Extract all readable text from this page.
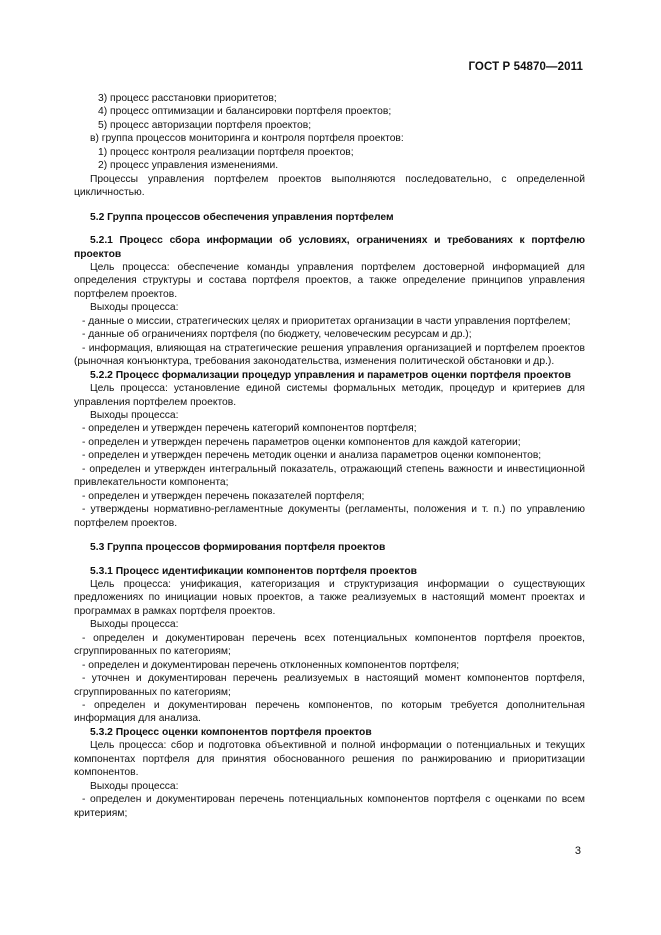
ГОСТ Р 54870—2011

3) процесс расстановки приоритетов;

4) процесс оптимизации и балансировки портфеля проектов;

5) процесс авторизации портфеля проектов;

в) группа процессов мониторинга и контроля портфеля проектов:

1) процесс контроля реализации портфеля проектов;

2) процесс управления изменениями.

Процессы управления портфелем проектов выполняются последовательно, с определенной цикличностью.

5.2 Группа процессов обеспечения управления портфелем

5.2.1 Процесс сбора информации об условиях, ограничениях и требованиях к портфелю проектов

Цель процесса: обеспечение команды управления портфелем достоверной информацией для определения структуры и состава портфеля проектов, а также определение принципов управления портфелем проектов.

Выходы процесса:

- данные о миссии, стратегических целях и приоритетах организации в части управления портфелем;

- данные об ограничениях портфеля (по бюджету, человеческим ресурсам и др.);

- информация, влияющая на стратегические решения управления организацией и портфелем проектов (рыночная конъюнктура, требования законодательства, изменения политической обстановки и др.).

5.2.2 Процесс формализации процедур управления и параметров оценки портфеля проектов

Цель процесса: установление единой системы формальных методик, процедур и критериев для управления портфелем проектов.

Выходы процесса:

- определен и утвержден перечень категорий компонентов портфеля;

- определен и утвержден перечень параметров оценки компонентов для каждой категории;

- определен и утвержден перечень методик оценки и анализа параметров оценки компонентов;

- определен и утвержден интегральный показатель, отражающий степень важности и инвестиционной привлекательности компонента;

- определен и утвержден перечень показателей портфеля;

- утверждены нормативно-регламентные документы (регламенты, положения и т. п.) по управлению портфелем проектов.

5.3 Группа процессов формирования портфеля проектов

5.3.1 Процесс идентификации компонентов портфеля проектов

Цель процесса: унификация, категоризация и структуризация информации о существующих предложениях по инициации новых проектов, а также реализуемых в настоящий момент проектах и программах в рамках портфеля проектов.

Выходы процесса:

- определен и документирован перечень всех потенциальных компонентов портфеля проектов, сгруппированных по категориям;

- определен и документирован перечень отклоненных компонентов портфеля;

- уточнен и документирован перечень реализуемых в настоящий момент компонентов портфеля, сгруппированных по категориям;

- определен и документирован перечень компонентов, по которым требуется дополнительная информация для анализа.

5.3.2 Процесс оценки компонентов портфеля проектов

Цель процесса: сбор и подготовка объективной и полной информации о потенциальных и текущих компонентах портфеля для принятия обоснованного решения по ранжированию и приоритизации компонентов.

Выходы процесса:

- определен и документирован перечень потенциальных компонентов портфеля с оценками по всем критериям;

3
